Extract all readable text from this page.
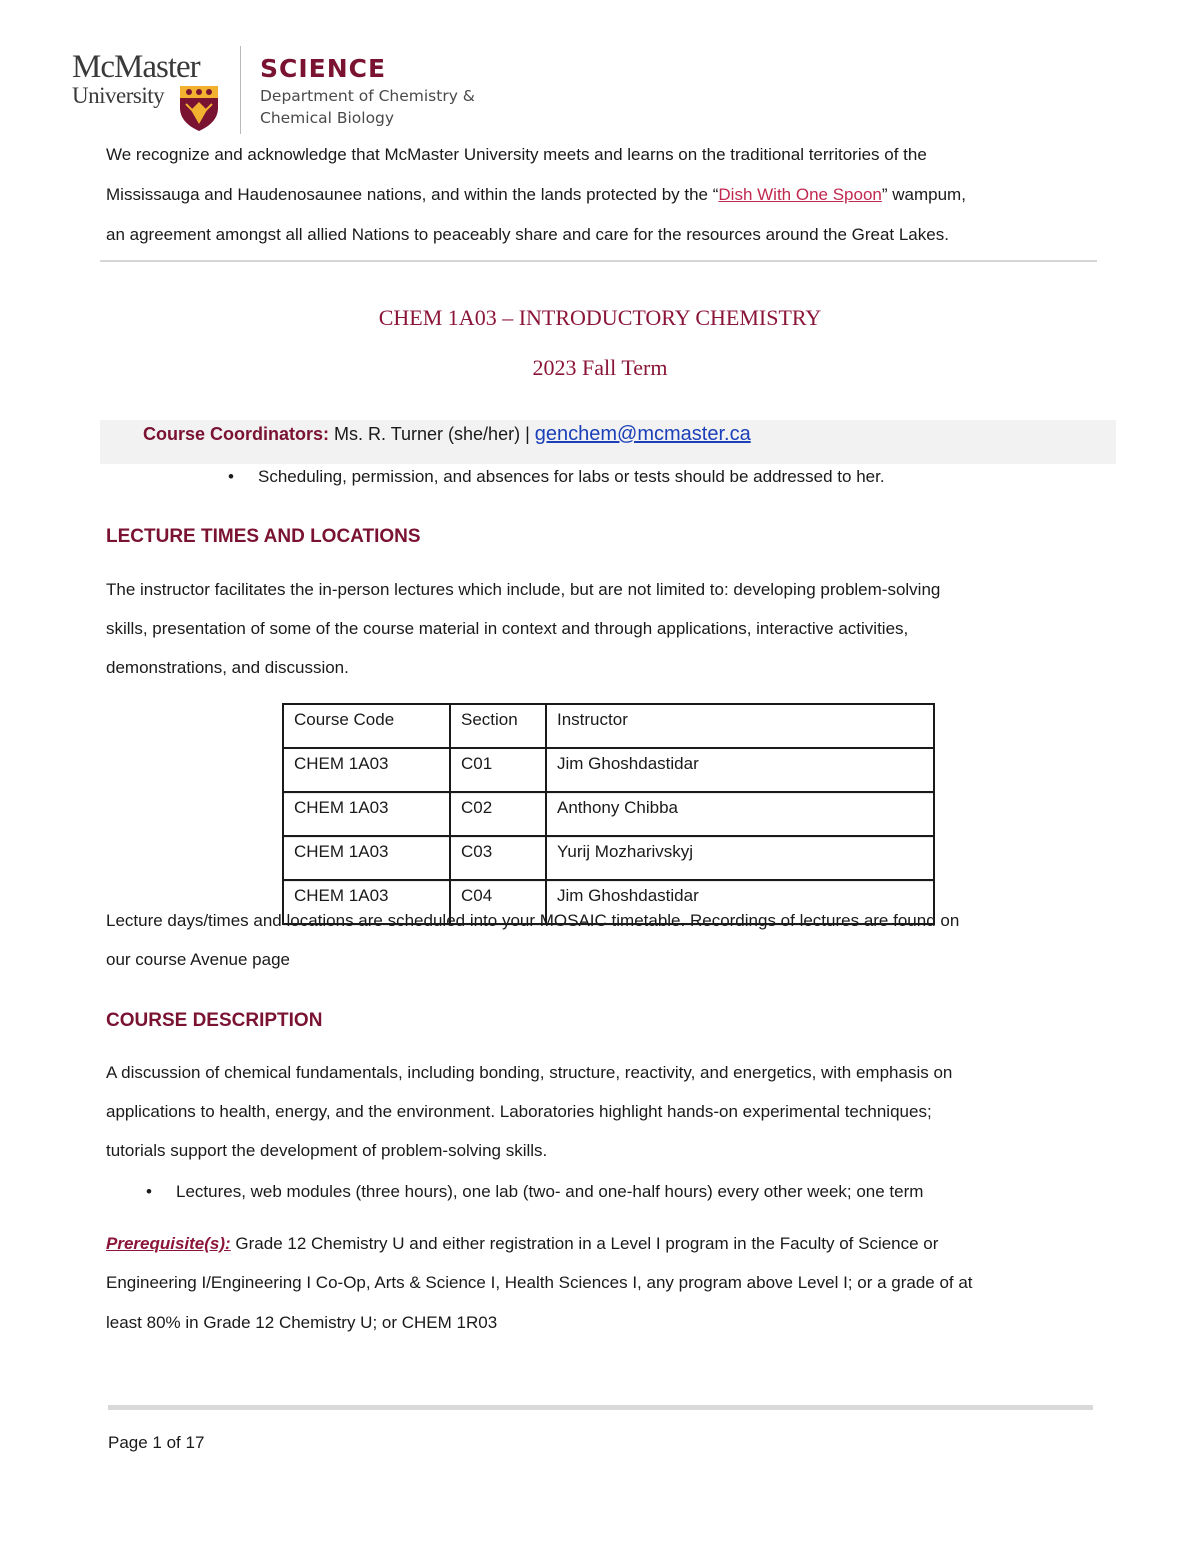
McMaster
University
SCIENCE
Department of Chemistry &
Chemical Biology
We recognize and acknowledge that McMaster University meets and learns on the traditional territories of the
Mississauga and Haudenosaunee nations, and within the lands protected by the “Dish With One Spoon” wampum,
an agreement amongst all allied Nations to peaceably share and care for the resources around the Great Lakes.
CHEM 1A03 – INTRODUCTORY CHEMISTRY
2023 Fall Term
Course Coordinators: Ms. R. Turner (she/her) | genchem@mcmaster.ca
• Scheduling, permission, and absences for labs or tests should be addressed to her.
LECTURE TIMES AND LOCATIONS
The instructor facilitates the in-person lectures which include, but are not limited to: developing problem-solving
skills, presentation of some of the course material in context and through applications, interactive activities,
demonstrations, and discussion.
Course Code	Section	Instructor
CHEM 1A03	C01	Jim Ghoshdastidar
CHEM 1A03	C02	Anthony Chibba
CHEM 1A03	C03	Yurij Mozharivskyj
CHEM 1A03	C04	Jim Ghoshdastidar
Lecture days/times and locations are scheduled into your MOSAIC timetable. Recordings of lectures are found on
our course Avenue page
COURSE DESCRIPTION
A discussion of chemical fundamentals, including bonding, structure, reactivity, and energetics, with emphasis on
applications to health, energy, and the environment. Laboratories highlight hands-on experimental techniques;
tutorials support the development of problem-solving skills.
• Lectures, web modules (three hours), one lab (two- and one-half hours) every other week; one term
Prerequisite(s): Grade 12 Chemistry U and either registration in a Level I program in the Faculty of Science or
Engineering I/Engineering I Co-Op, Arts & Science I, Health Sciences I, any program above Level I; or a grade of at
least 80% in Grade 12 Chemistry U; or CHEM 1R03
Page 1 of 17
